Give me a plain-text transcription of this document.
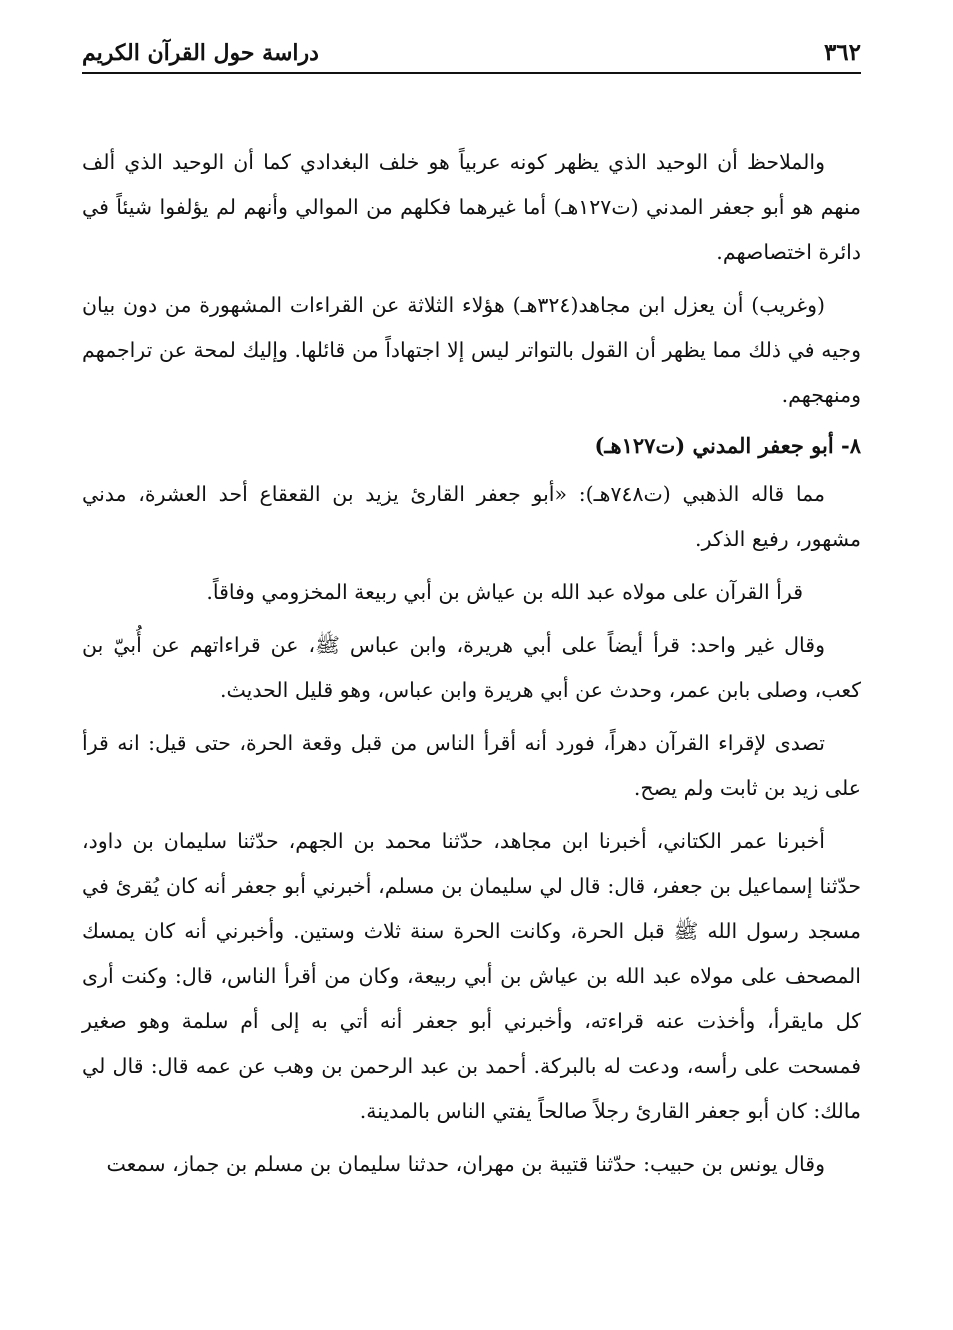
٣٦٢
دراسة حول القرآن الكريم

والملاحظ أن الوحيد الذي يظهر كونه عربياً هو خلف البغدادي كما أن الوحيد الذي ألف منهم هو أبو جعفر المدني (ت١٢٧هـ) أما غيرهما فكلهم من الموالي وأنهم لم يؤلفوا شيئاً في دائرة اختصاصهم.

(وغريب) أن يعزل ابن مجاهد(٣٢٤هـ) هؤلاء الثلاثة عن القراءات المشهورة من دون بيان وجيه في ذلك مما يظهر أن القول بالتواتر ليس إلا اجتهاداً من قائلها. وإليك لمحة عن تراجمهم ومنهجهم.

٨- أبو جعفر المدني (ت١٢٧هـ)

مما قاله الذهبي (ت٧٤٨هـ): «أبو جعفر القارئ يزيد بن القعقاع أحد العشرة، مدني مشهور، رفيع الذكر.

قرأ القرآن على مولاه عبد الله بن عياش بن أبي ربيعة المخزومي وفاقاً.

وقال غير واحد: قرأ أيضاً على أبي هريرة، وابن عباس ﷺ، عن قراءاتهم عن أُبيّ بن كعب، وصلى بابن عمر، وحدث عن أبي هريرة وابن عباس، وهو قليل الحديث.

تصدى لإقراء القرآن دهراً، فورد أنه أقرأ الناس من قبل وقعة الحرة، حتى قيل: انه قرأ على زيد بن ثابت ولم يصح.

أخبرنا عمر الكتاني، أخبرنا ابن مجاهد، حدّثنا محمد بن الجهم، حدّثنا سليمان بن داود، حدّثنا إسماعيل بن جعفر، قال: قال لي سليمان بن مسلم، أخبرني أبو جعفر أنه كان يُقرئ في مسجد رسول الله ﷺ قبل الحرة، وكانت الحرة سنة ثلاث وستين. وأخبرني أنه كان يمسك المصحف على مولاه عبد الله بن عياش بن أبي ربيعة، وكان من أقرأ الناس، قال: وكنت أرى كل مايقرأ، وأخذت عنه قراءته، وأخبرني أبو جعفر أنه أتي به إلى أم سلمة وهو صغير فمسحت على رأسه، ودعت له بالبركة. أحمد بن عبد الرحمن بن وهب عن عمه قال: قال لي مالك: كان أبو جعفر القارئ رجلاً صالحاً يفتي الناس بالمدينة.

وقال يونس بن حبيب: حدّثنا قتيبة بن مهران، حدثنا سليمان بن مسلم بن جماز، سمعت
